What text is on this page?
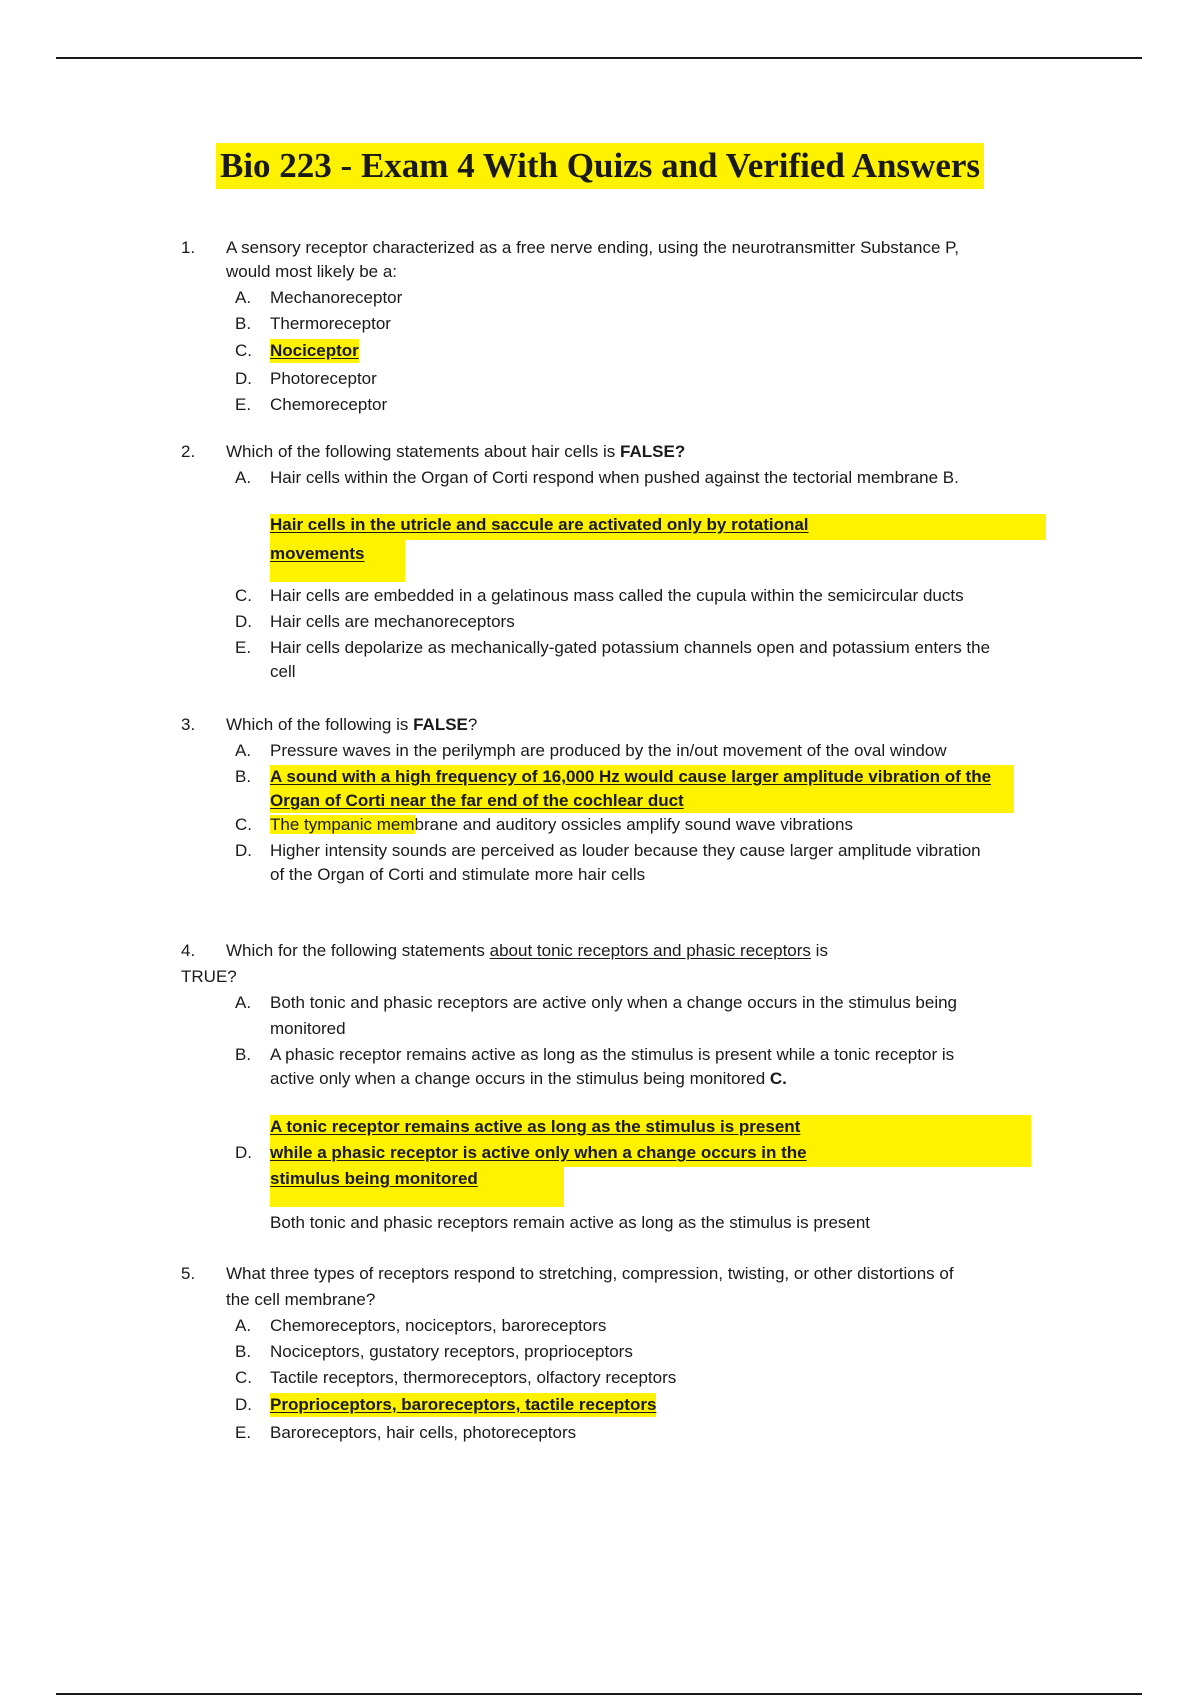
Bio 223 - Exam 4 With Quizs and Verified Answers
1. A sensory receptor characterized as a free nerve ending, using the neurotransmitter Substance P,
would most likely be a:
A. Mechanoreceptor
B. Thermoreceptor
C. Nociceptor
D. Photoreceptor
E. Chemoreceptor
2. Which of the following statements about hair cells is FALSE?
A. Hair cells within the Organ of Corti respond when pushed against the tectorial membrane B.
Hair cells in the utricle and saccule are activated only by rotational
movements
C. Hair cells are embedded in a gelatinous mass called the cupula within the semicircular ducts
D. Hair cells are mechanoreceptors
E. Hair cells depolarize as mechanically-gated potassium channels open and potassium enters the
cell
3. Which of the following is FALSE?
A. Pressure waves in the perilymph are produced by the in/out movement of the oval window
B. A sound with a high frequency of 16,000 Hz would cause larger amplitude vibration of the
Organ of Corti near the far end of the cochlear duct
C. The tympanic membrane and auditory ossicles amplify sound wave vibrations
D. Higher intensity sounds are perceived as louder because they cause larger amplitude vibration
of the Organ of Corti and stimulate more hair cells
4. Which for the following statements about tonic receptors and phasic receptors is
TRUE?
A. Both tonic and phasic receptors are active only when a change occurs in the stimulus being
monitored
B. A phasic receptor remains active as long as the stimulus is present while a tonic receptor is
active only when a change occurs in the stimulus being monitored C.
A tonic receptor remains active as long as the stimulus is present
D. while a phasic receptor is active only when a change occurs in the
stimulus being monitored
Both tonic and phasic receptors remain active as long as the stimulus is present
5. What three types of receptors respond to stretching, compression, twisting, or other distortions of
the cell membrane?
A. Chemoreceptors, nociceptors, baroreceptors
B. Nociceptors, gustatory receptors, proprioceptors
C. Tactile receptors, thermoreceptors, olfactory receptors
D. Proprioceptors, baroreceptors, tactile receptors
E. Baroreceptors, hair cells, photoreceptors
